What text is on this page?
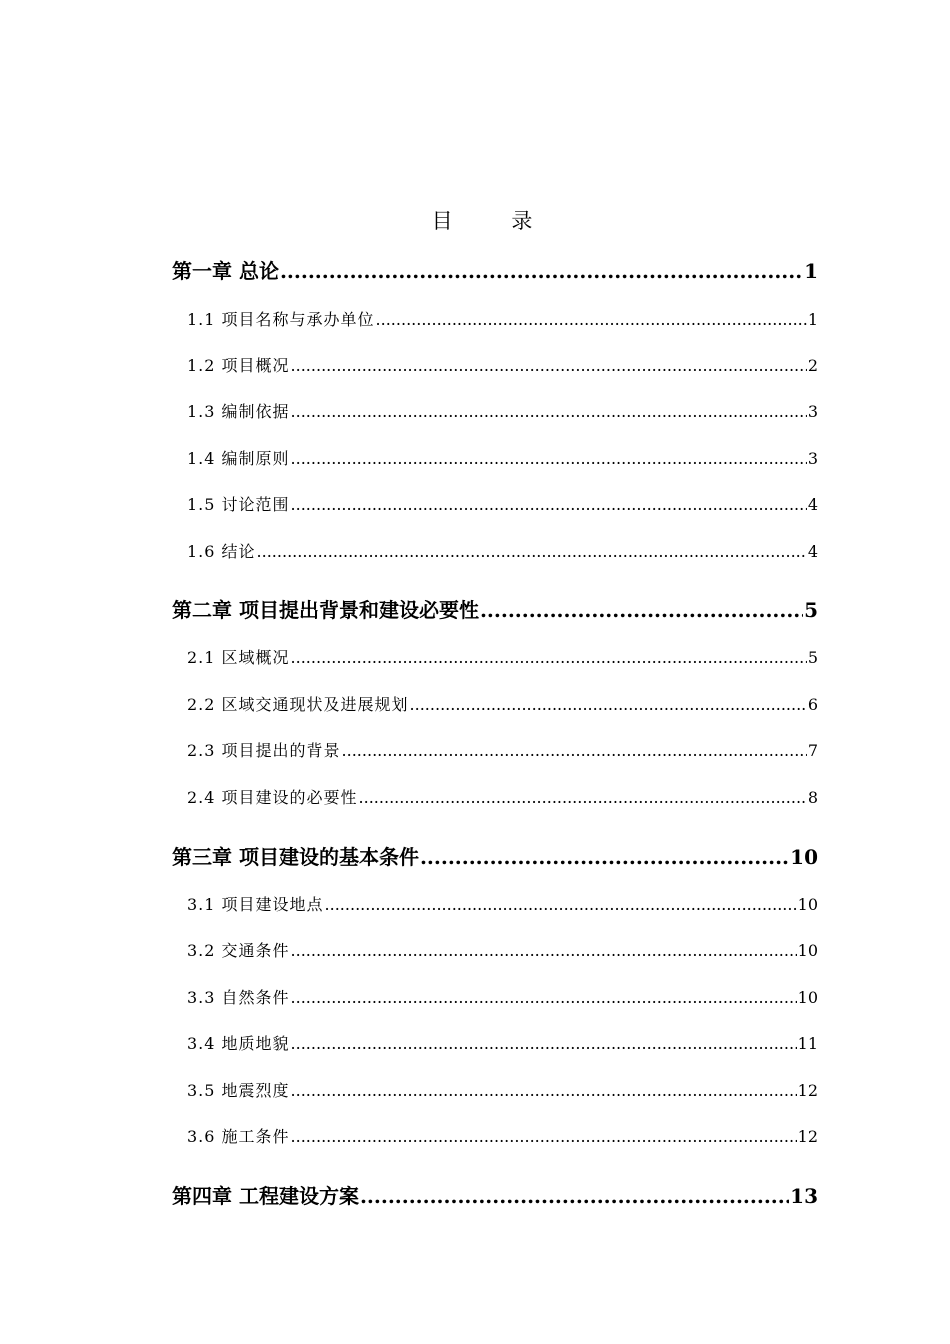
目 录
第一章 总论 .....	1
1.1 项目名称与承办单位 .....	1
1.2 项目概况 .....	2
1.3 编制依据 .....	3
1.4 编制原则 .....	3
1.5 讨论范围 .....	4
1.6 结论 .....	4
第二章 项目提出背景和建设必要性 .....	5
2.1 区域概况 .....	5
2.2 区域交通现状及进展规划 .....	6
2.3 项目提出的背景 .....	7
2.4 项目建设的必要性 .....	8
第三章 项目建设的基本条件 .....	10
3.1 项目建设地点 .....	10
3.2 交通条件 .....	10
3.3 自然条件 .....	10
3.4 地质地貌 .....	11
3.5 地震烈度 .....	12
3.6 施工条件 .....	12
第四章 工程建设方案 .....	13
